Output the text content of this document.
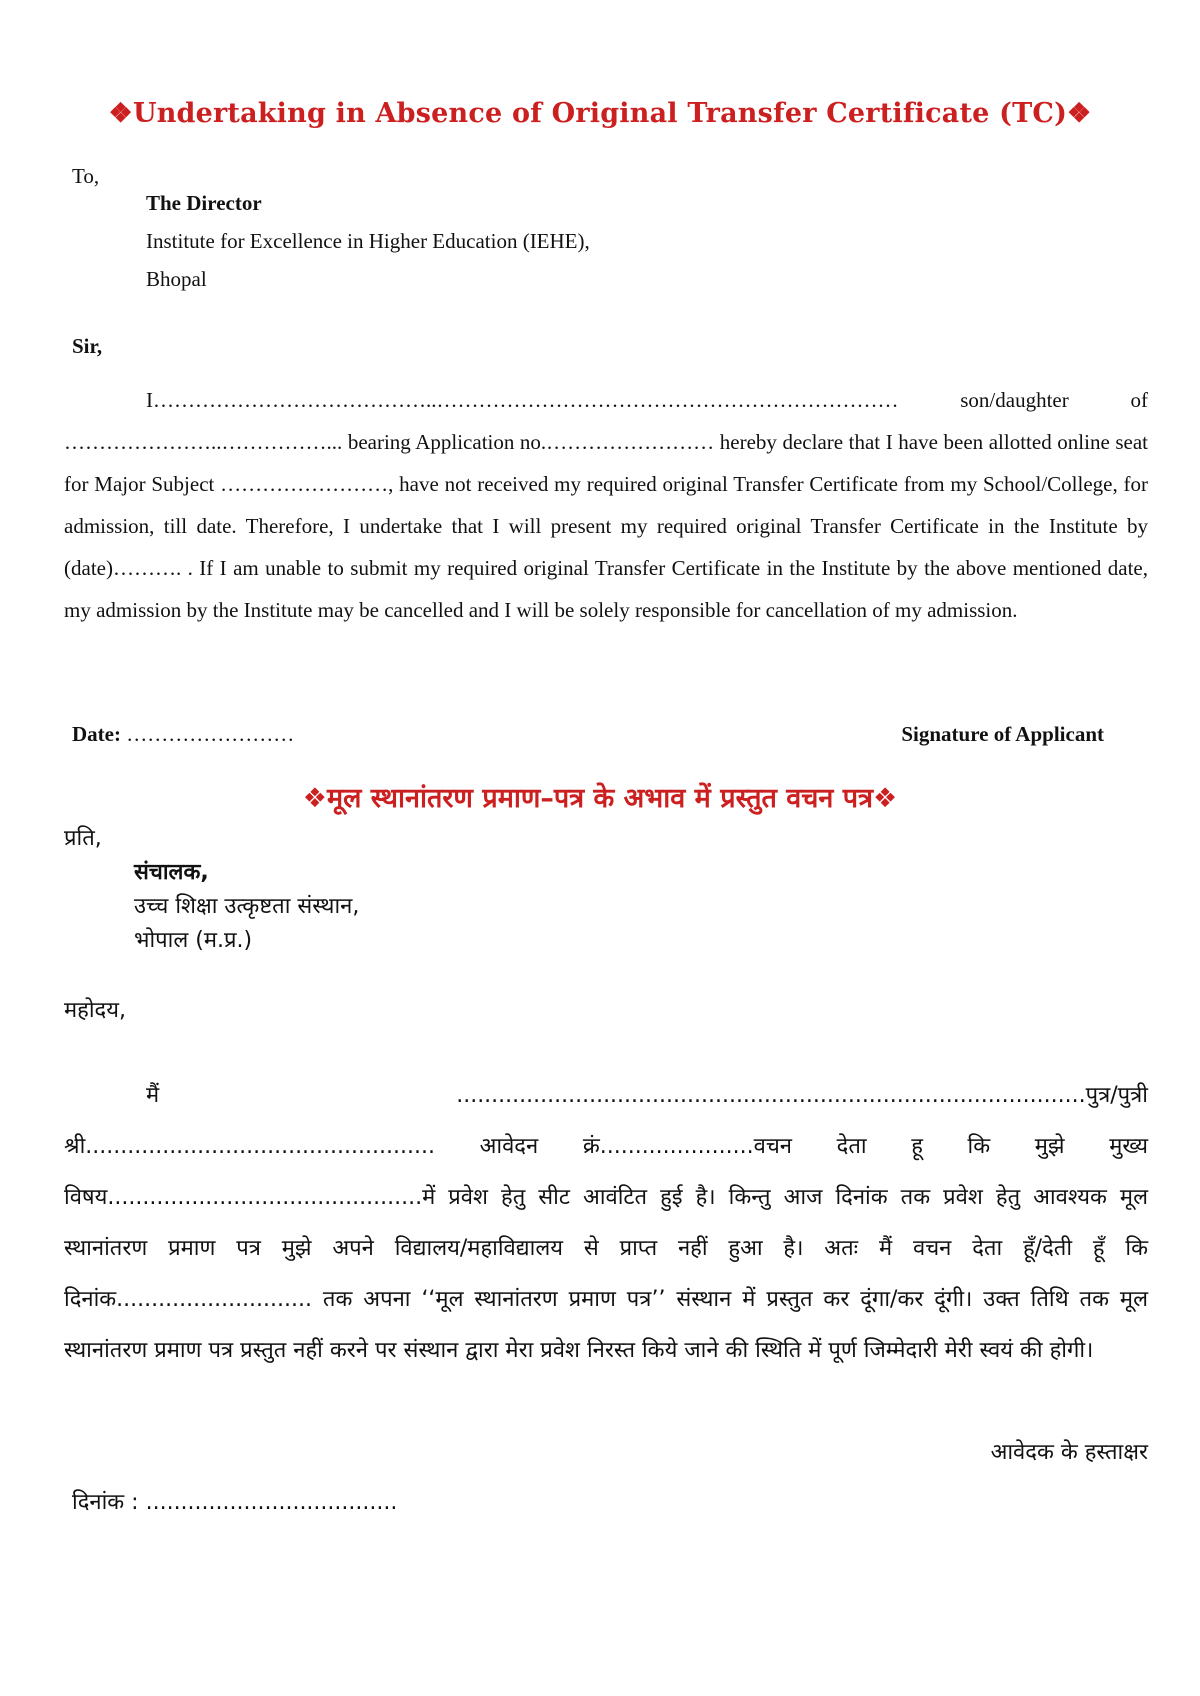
❖Undertaking in Absence of Original Transfer Certificate (TC)❖
To,
The Director
Institute for Excellence in Higher Education (IEHE),
Bhopal
Sir,

I…………………………………..………………………………………………………… son/daughter of …………………..……………... bearing Application no.…………………… hereby declare that I have been allotted online seat for Major Subject ……………………, have not received my required original Transfer Certificate from my School/College, for admission, till date. Therefore, I undertake that I will present my required original Transfer Certificate in the Institute by (date)………. . If I am unable to submit my required original Transfer Certificate in the Institute by the above mentioned date, my admission by the Institute may be cancelled and I will be solely responsible for cancellation of my admission.

Date: ……………………	Signature of Applicant
❖मूल स्थानांतरण प्रमाण–पत्र के अभाव में प्रस्तुत वचन पत्र❖
प्रति,
संचालक,
उच्च शिक्षा उत्कृष्टता संस्थान,
भोपाल (म.प्र.)
महोदय,

मैं ..........................................................................................पुत्र/पुत्री श्री.................................................. आवेदन क्रं......................वचन देता हू कि मुझे मुख्य विषय.............................................में प्रवेश हेतु सीट आवंटित हुई है। किन्तु आज दिनांक तक प्रवेश हेतु आवश्यक मूल स्थानांतरण प्रमाण पत्र मुझे अपने विद्यालय/महाविद्यालय से प्राप्त नहीं हुआ है। अतः मैं वचन देता हूँ/देती हूँ कि दिनांक............................ तक अपना ‘‘मूल स्थानांतरण प्रमाण पत्र’’ संस्थान में प्रस्तुत कर दूंगा/कर दूंगी। उक्त तिथि तक मूल स्थानांतरण प्रमाण पत्र प्रस्तुत नहीं करने पर संस्थान द्वारा मेरा प्रवेश निरस्त किये जाने की स्थिति में पूर्ण जिम्मेदारी मेरी स्वयं की होगी।

आवेदक के हस्ताक्षर
दिनांक : ....................................
